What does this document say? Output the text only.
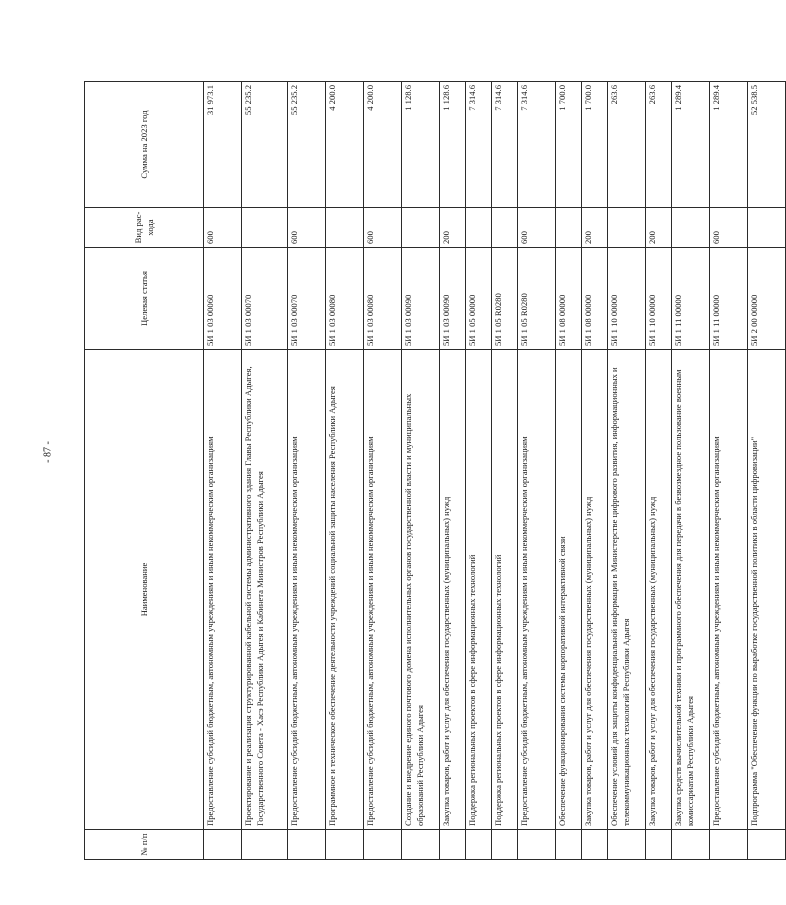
- 87 -
№ п/п	Наименование	Целевая статья	Вид рас-хода	Сумма на 2023 год
	Предоставление субсидий бюджетным, автономным учреждениям и иным некоммерческим организациям	5И 1 03 00060	600	31 973.1
	Проектирование и реализация структурированной кабельной системы административного здания Главы Республики Адыгея, Государственного Совета - Хасэ Республики Адыгея и Кабинета Министров Республики Адыгея	5И 1 03 00070		55 235.2
	Предоставление субсидий бюджетным, автономным учреждениям и иным некоммерческим организациям	5И 1 03 00070	600	55 235.2
	Программное и техническое обеспечение деятельности учреждений социальной защиты населения Республики Адыгея	5И 1 03 00080		4 200.0
	Предоставление субсидий бюджетным, автономным учреждениям и иным некоммерческим организациям	5И 1 03 00080	600	4 200.0
	Создание и внедрение единого почтового домена исполнительных органов государственной власти и муниципальных образований Республики Адыгея	5И 1 03 00090		1 128.6
	Закупка товаров, работ и услуг для обеспечения государственных (муниципальных) нужд	5И 1 03 00090	200	1 128.6
	Поддержка региональных проектов в сфере информационных технологий	5И 1 05 00000		7 314.6
	Поддержка региональных проектов в сфере информационных технологий	5И 1 05 R0280		7 314.6
	Предоставление субсидий бюджетным, автономным учреждениям и иным некоммерческим организациям	5И 1 05 R0280	600	7 314.6
	Обеспечение функционирования системы корпоративной интерактивной связи	5И 1 08 00000		1 700.0
	Закупка товаров, работ и услуг для обеспечения государственных (муниципальных) нужд	5И 1 08 00000	200	1 700.0
	Обеспечение условий для защиты конфиденциальной информации в Министерстве цифрового развития, информационных и телекоммуникационных технологий Республики Адыгея	5И 1 10 00000		263.6
	Закупка товаров, работ и услуг для обеспечения государственных (муниципальных) нужд	5И 1 10 00000	200	263.6
	Закупка средств вычислительной техники и программного обеспечения для передачи в безвозмездное пользование военным комиссариатам Республики Адыгея	5И 1 11 00000		1 289.4
	Предоставление субсидий бюджетным, автономным учреждениям и иным некоммерческим организациям	5И 1 11 00000	600	1 289.4
	Подпрограмма "Обеспечение функции по выработке государственной политики в области цифровизации"	5И 2 00 00000		52 538.5
